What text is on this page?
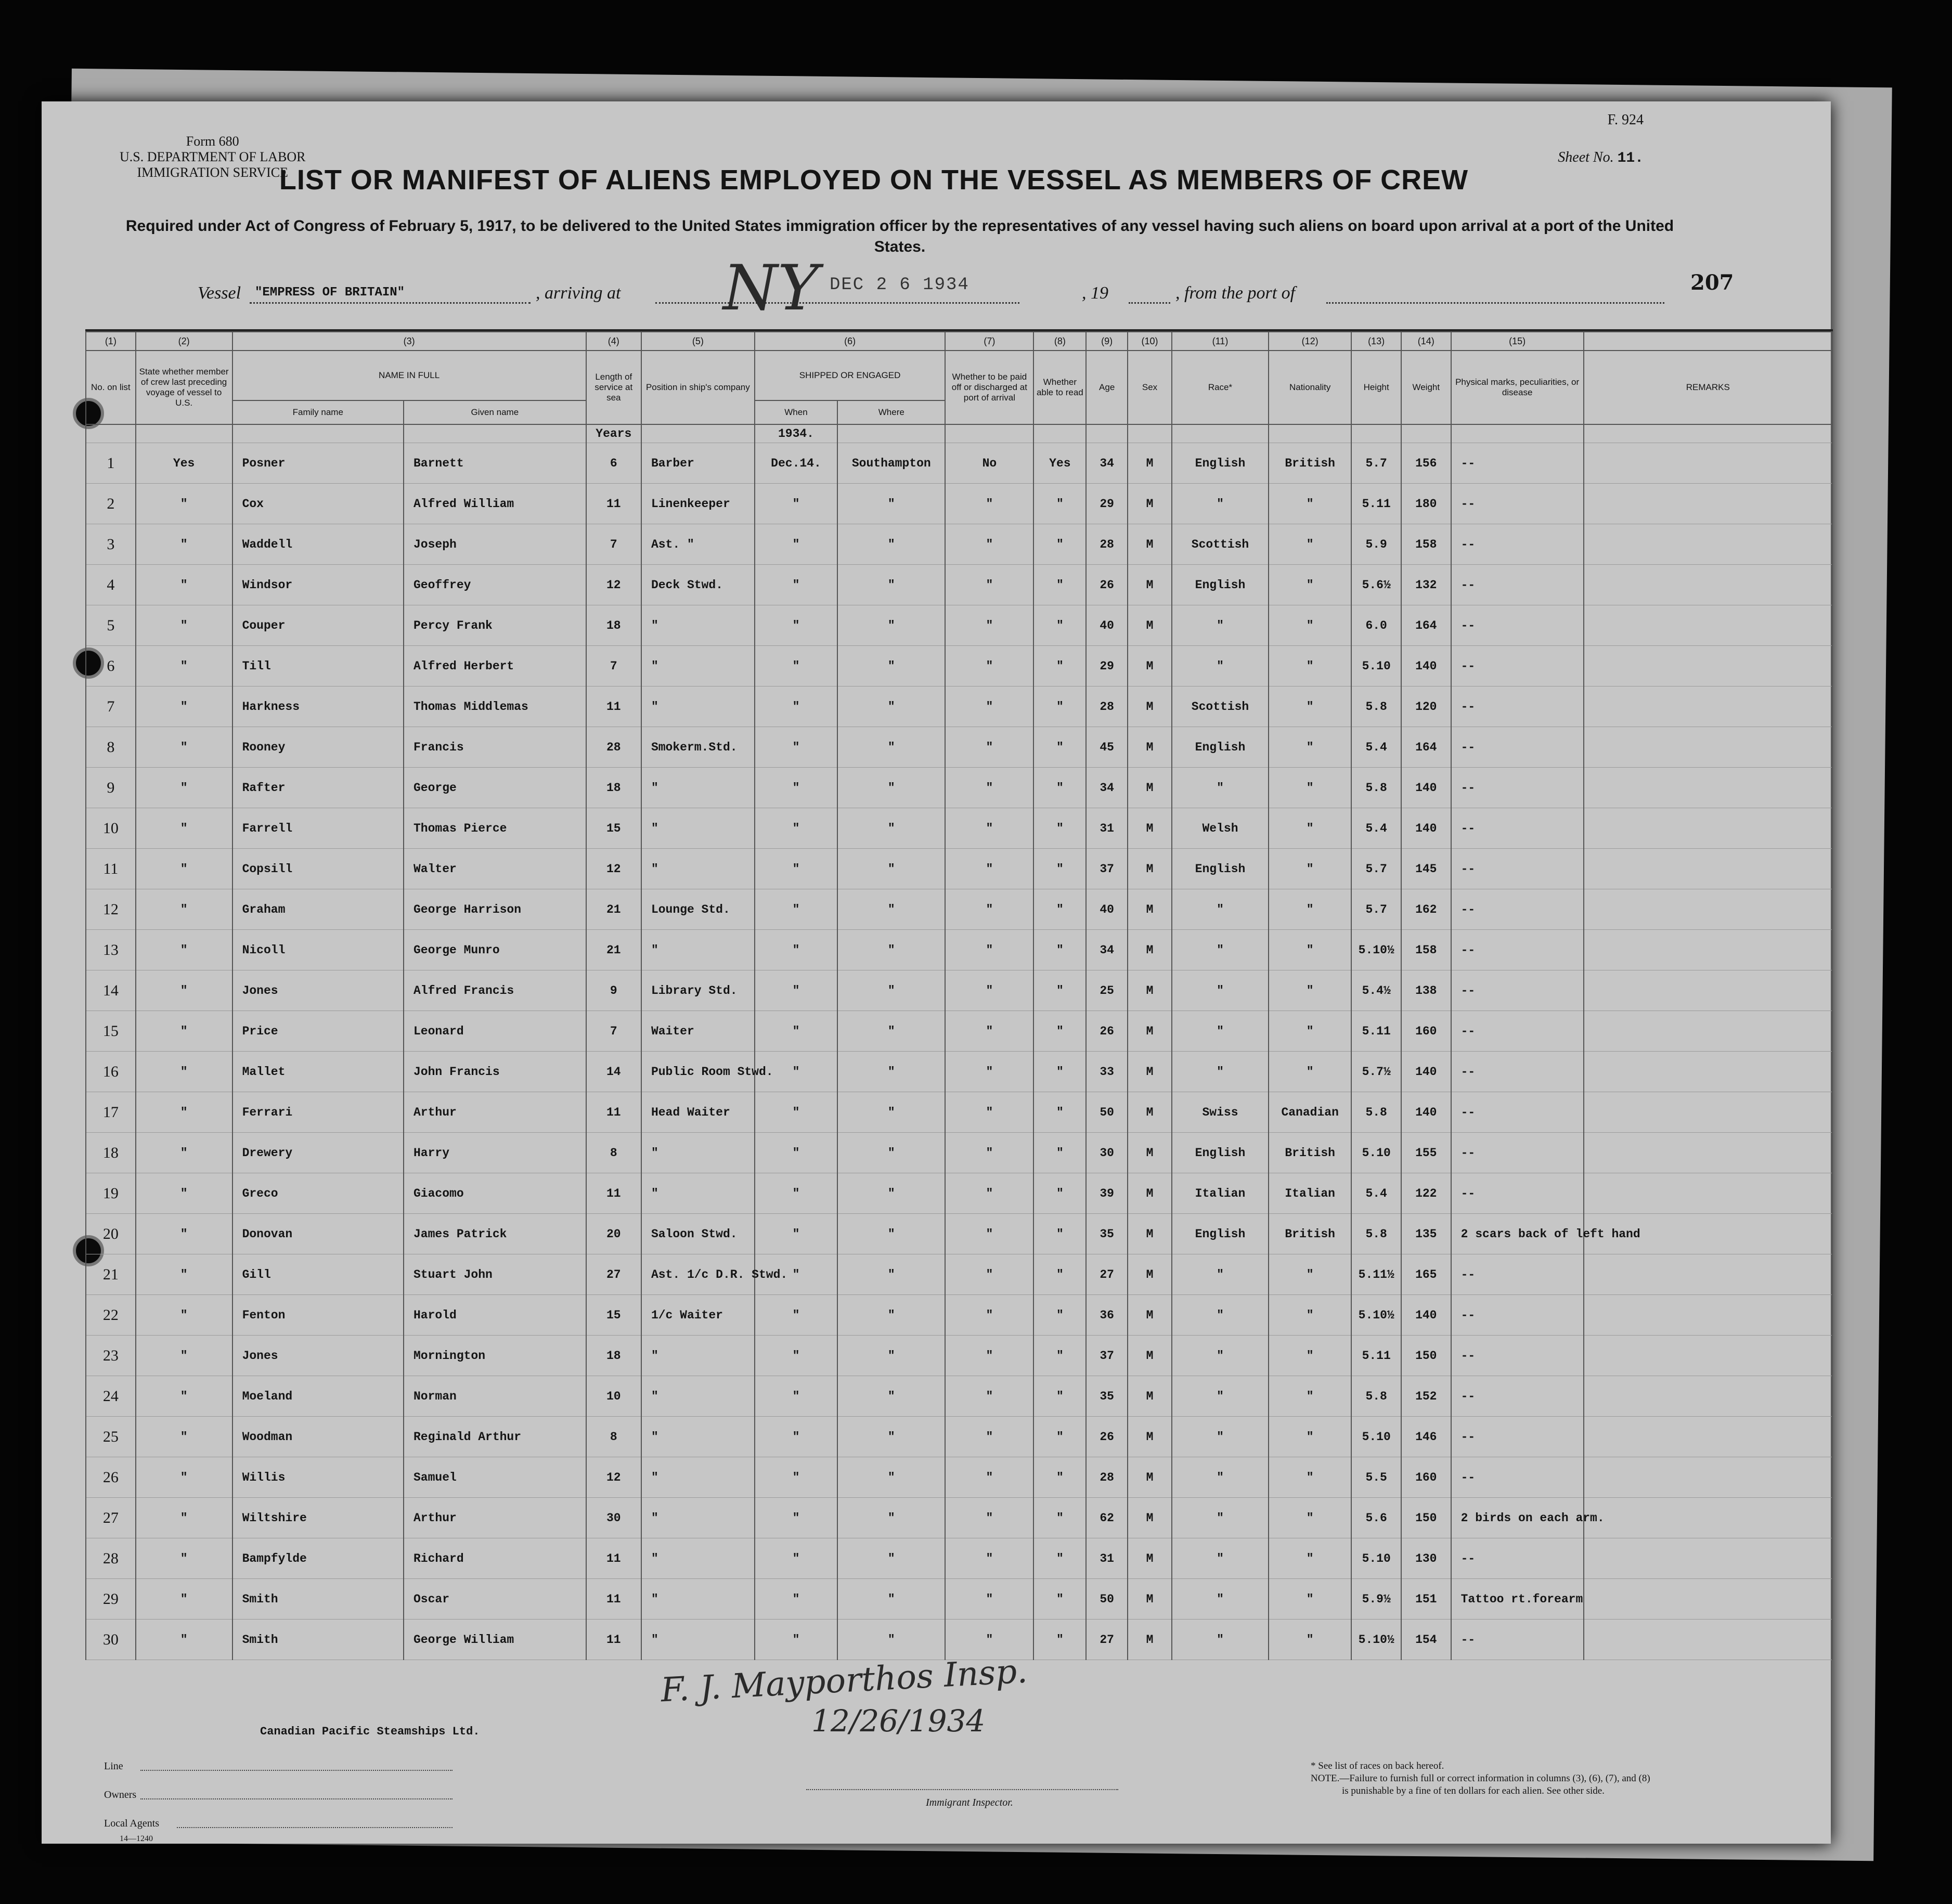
Form 680
U.S. DEPARTMENT OF LABOR
IMMIGRATION SERVICE
F. 924
Sheet No. 11.
LIST OR MANIFEST OF ALIENS EMPLOYED ON THE VESSEL AS MEMBERS OF CREW
Required under Act of Congress of February 5, 1917, to be delivered to the United States immigration officer by the representatives of any vessel having such aliens on board upon arrival at a port of the United States.
Vessel "EMPRESS OF BRITAIN"	, arriving at NY	, 19	, from the port of
DEC 2 6 1934	207
(1)	(2)	(3)		(4)	(5)	(6)		(7)	(8)	(9)	(10)	(11)	(12)	(13)	(14)	(15)	
No. on list	State whether member of crew last preceding voyage of vessel to U.S.	NAME IN FULL		Length of service at sea	Position in ship's company	SHIPPED OR ENGAGED		Whether to be paid off or discharged at port of arrival	Whether able to read	Age	Sex	Race*	Nationality	Height	Weight	Physical marks, peculiarities, or disease	REMARKS
		Family name	Given name			When	Where										
				Years		1934.											
1	Yes	Posner	Barnett	6	Barber	Dec.14.	Southampton	No	Yes	34	M	English	British	5.7	156	--	
2	"	Cox	Alfred William	11	Linenkeeper	"	"	"	"	29	M	"	"	5.11	180	--	
3	"	Waddell	Joseph	7	Ast. "	"	"	"	"	28	M	Scottish	"	5.9	158	--	
4	"	Windsor	Geoffrey	12	Deck Stwd.	"	"	"	"	26	M	English	"	5.6½	132	--	
5	"	Couper	Percy Frank	18	"	"	"	"	"	40	M	"	"	6.0	164	--	
6	"	Till	Alfred Herbert	7	"	"	"	"	"	29	M	"	"	5.10	140	--	
7	"	Harkness	Thomas Middlemas	11	"	"	"	"	"	28	M	Scottish	"	5.8	120	--	
8	"	Rooney	Francis	28	Smokerm.Std.	"	"	"	"	45	M	English	"	5.4	164	--	
9	"	Rafter	George	18	"	"	"	"	"	34	M	"	"	5.8	140	--	
10	"	Farrell	Thomas Pierce	15	"	"	"	"	"	31	M	Welsh	"	5.4	140	--	
11	"	Copsill	Walter	12	"	"	"	"	"	37	M	English	"	5.7	145	--	
12	"	Graham	George Harrison	21	Lounge Std.	"	"	"	"	40	M	"	"	5.7	162	--	
13	"	Nicoll	George Munro	21	"	"	"	"	"	34	M	"	"	5.10½	158	--	
14	"	Jones	Alfred Francis	9	Library Std.	"	"	"	"	25	M	"	"	5.4½	138	--	
15	"	Price	Leonard	7	Waiter	"	"	"	"	26	M	"	"	5.11	160	--	
16	"	Mallet	John Francis	14	Public Room Stwd.	"	"	"	"	33	M	"	"	5.7½	140	--	
17	"	Ferrari	Arthur	11	Head Waiter	"	"	"	"	50	M	Swiss	Canadian	5.8	140	--	
18	"	Drewery	Harry	8	"	"	"	"	"	30	M	English	British	5.10	155	--	
19	"	Greco	Giacomo	11	"	"	"	"	"	39	M	Italian	Italian	5.4	122	--	
20	"	Donovan	James Patrick	20	Saloon Stwd.	"	"	"	"	35	M	English	British	5.8	135	2 scars back of left hand	
21	"	Gill	Stuart John	27	Ast. 1/c D.R. Stwd.	"	"	"	"	27	M	"	"	5.11½	165	--	
22	"	Fenton	Harold	15	1/c Waiter	"	"	"	"	36	M	"	"	5.10½	140	--	
23	"	Jones	Mornington	18	"	"	"	"	"	37	M	"	"	5.11	150	--	
24	"	Moeland	Norman	10	"	"	"	"	"	35	M	"	"	5.8	152	--	
25	"	Woodman	Reginald Arthur	8	"	"	"	"	"	26	M	"	"	5.10	146	--	
26	"	Willis	Samuel	12	"	"	"	"	"	28	M	"	"	5.5	160	--	
27	"	Wiltshire	Arthur	30	"	"	"	"	"	62	M	"	"	5.6	150	2 birds on each arm.	
28	"	Bampfylde	Richard	11	"	"	"	"	"	31	M	"	"	5.10	130	--	
29	"	Smith	Oscar	11	"	"	"	"	"	50	M	"	"	5.9½	151	Tattoo rt.forearm	
30	"	Smith	George William	11	"	"	"	"	"	27	M	"	"	5.10½	154	--	
F. J. Mayporthos Insp.
12/26/1934
Canadian Pacific Steamships Ltd.
Line
Owners
Local Agents
Immigrant Inspector.
* See list of races on back hereof.
NOTE.—Failure to furnish full or correct information in columns (3), (6), (7), and (8)
is punishable by a fine of ten dollars for each alien. See other side.
14—1240
